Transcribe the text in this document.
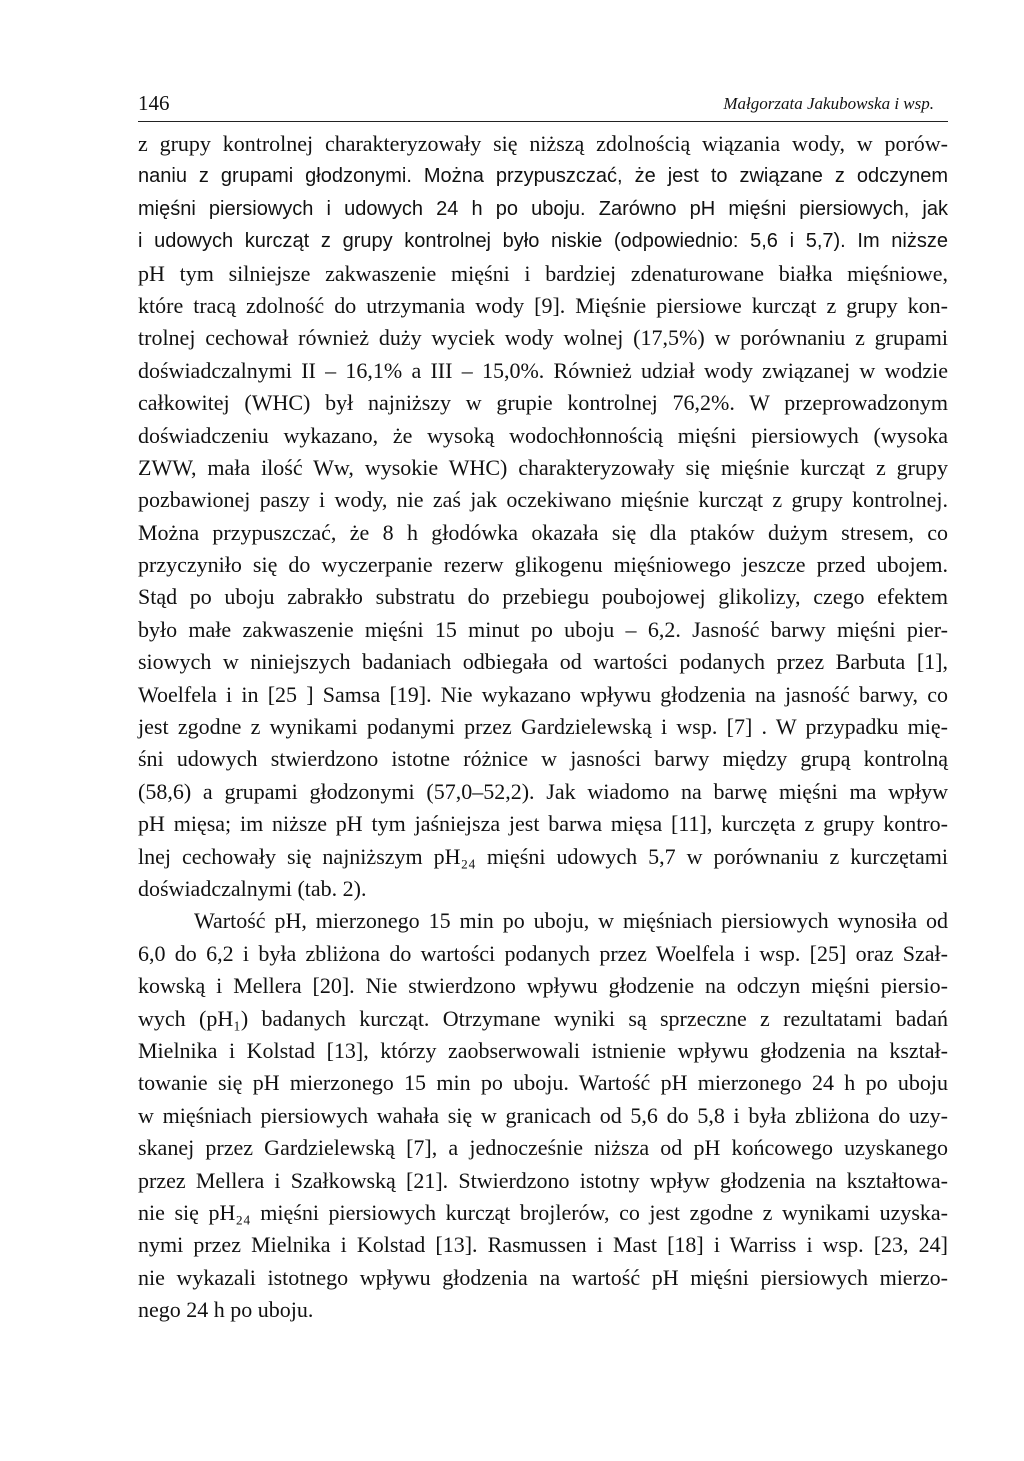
146	Małgorzata Jakubowska i wsp.
z grupy kontrolnej charakteryzowały się niższą zdolnością wiązania wody, w porów-
naniu z grupami głodzonymi. Można przypuszczać, że jest to związane z odczynem
mięśni piersiowych i udowych 24 h po uboju. Zarówno pH mięśni piersiowych, jak
i udowych kurcząt z grupy kontrolnej było niskie (odpowiednio: 5,6 i 5,7). Im niższe
pH tym silniejsze zakwaszenie mięśni i bardziej zdenaturowane białka mięśniowe,
które tracą zdolność do utrzymania wody [9]. Mięśnie piersiowe kurcząt z grupy kon-
trolnej cechował również duży wyciek wody wolnej (17,5%) w porównaniu z grupami
doświadczalnymi II – 16,1% a III – 15,0%. Również udział wody związanej w wodzie
całkowitej (WHC) był najniższy w grupie kontrolnej 76,2%. W przeprowadzonym
doświadczeniu wykazano, że wysoką wodochłonnością mięśni piersiowych (wysoka
ZWW, mała ilość Ww, wysokie WHC) charakteryzowały się mięśnie kurcząt z grupy
pozbawionej paszy i wody, nie zaś jak oczekiwano mięśnie kurcząt z grupy kontrolnej.
Można przypuszczać, że 8 h głodówka okazała się dla ptaków dużym stresem, co
przyczyniło się do wyczerpanie rezerw glikogenu mięśniowego jeszcze przed ubojem.
Stąd po uboju zabrakło substratu do przebiegu poubojowej glikolizy, czego efektem
było małe zakwaszenie mięśni 15 minut po uboju – 6,2. Jasność barwy mięśni pier-
siowych w niniejszych badaniach odbiegała od wartości podanych przez Barbuta [1],
Woelfela i in [25 ] Samsa [19]. Nie wykazano wpływu głodzenia na jasność barwy, co
jest zgodne z wynikami podanymi przez Gardzielewską i wsp. [7] . W przypadku mię-
śni udowych stwierdzono istotne różnice w jasności barwy między grupą kontrolną
(58,6) a grupami głodzonymi (57,0–52,2). Jak wiadomo na barwę mięśni ma wpływ
pH mięsa; im niższe pH tym jaśniejsza jest barwa mięsa [11], kurczęta z grupy kontro-
lnej cechowały się najniższym pH₂₄ mięśni udowych 5,7 w porównaniu z kurczętami
doświadczalnymi (tab. 2).
Wartość pH, mierzonego 15 min po uboju, w mięśniach piersiowych wynosiła od
6,0 do 6,2 i była zbliżona do wartości podanych przez Woelfela i wsp. [25] oraz Szał-
kowską i Mellera [20]. Nie stwierdzono wpływu głodzenie na odczyn mięśni piersio-
wych (pH₁) badanych kurcząt. Otrzymane wyniki są sprzeczne z rezultatami badań
Mielnika i Kolstad [13], którzy zaobserwowali istnienie wpływu głodzenia na kształ-
towanie się pH mierzonego 15 min po uboju. Wartość pH mierzonego 24 h po uboju
w mięśniach piersiowych wahała się w granicach od 5,6 do 5,8 i była zbliżona do uzy-
skanej przez Gardzielewską [7], a jednocześnie niższa od pH końcowego uzyskanego
przez Mellera i Szałkowską [21]. Stwierdzono istotny wpływ głodzenia na kształtowa-
nie się pH₂₄ mięśni piersiowych kurcząt brojlerów, co jest zgodne z wynikami uzyska-
nymi przez Mielnika i Kolstad [13]. Rasmussen i Mast [18] i Warriss i wsp. [23, 24]
nie wykazali istotnego wpływu głodzenia na wartość pH mięśni piersiowych mierzo-
nego 24 h po uboju.
